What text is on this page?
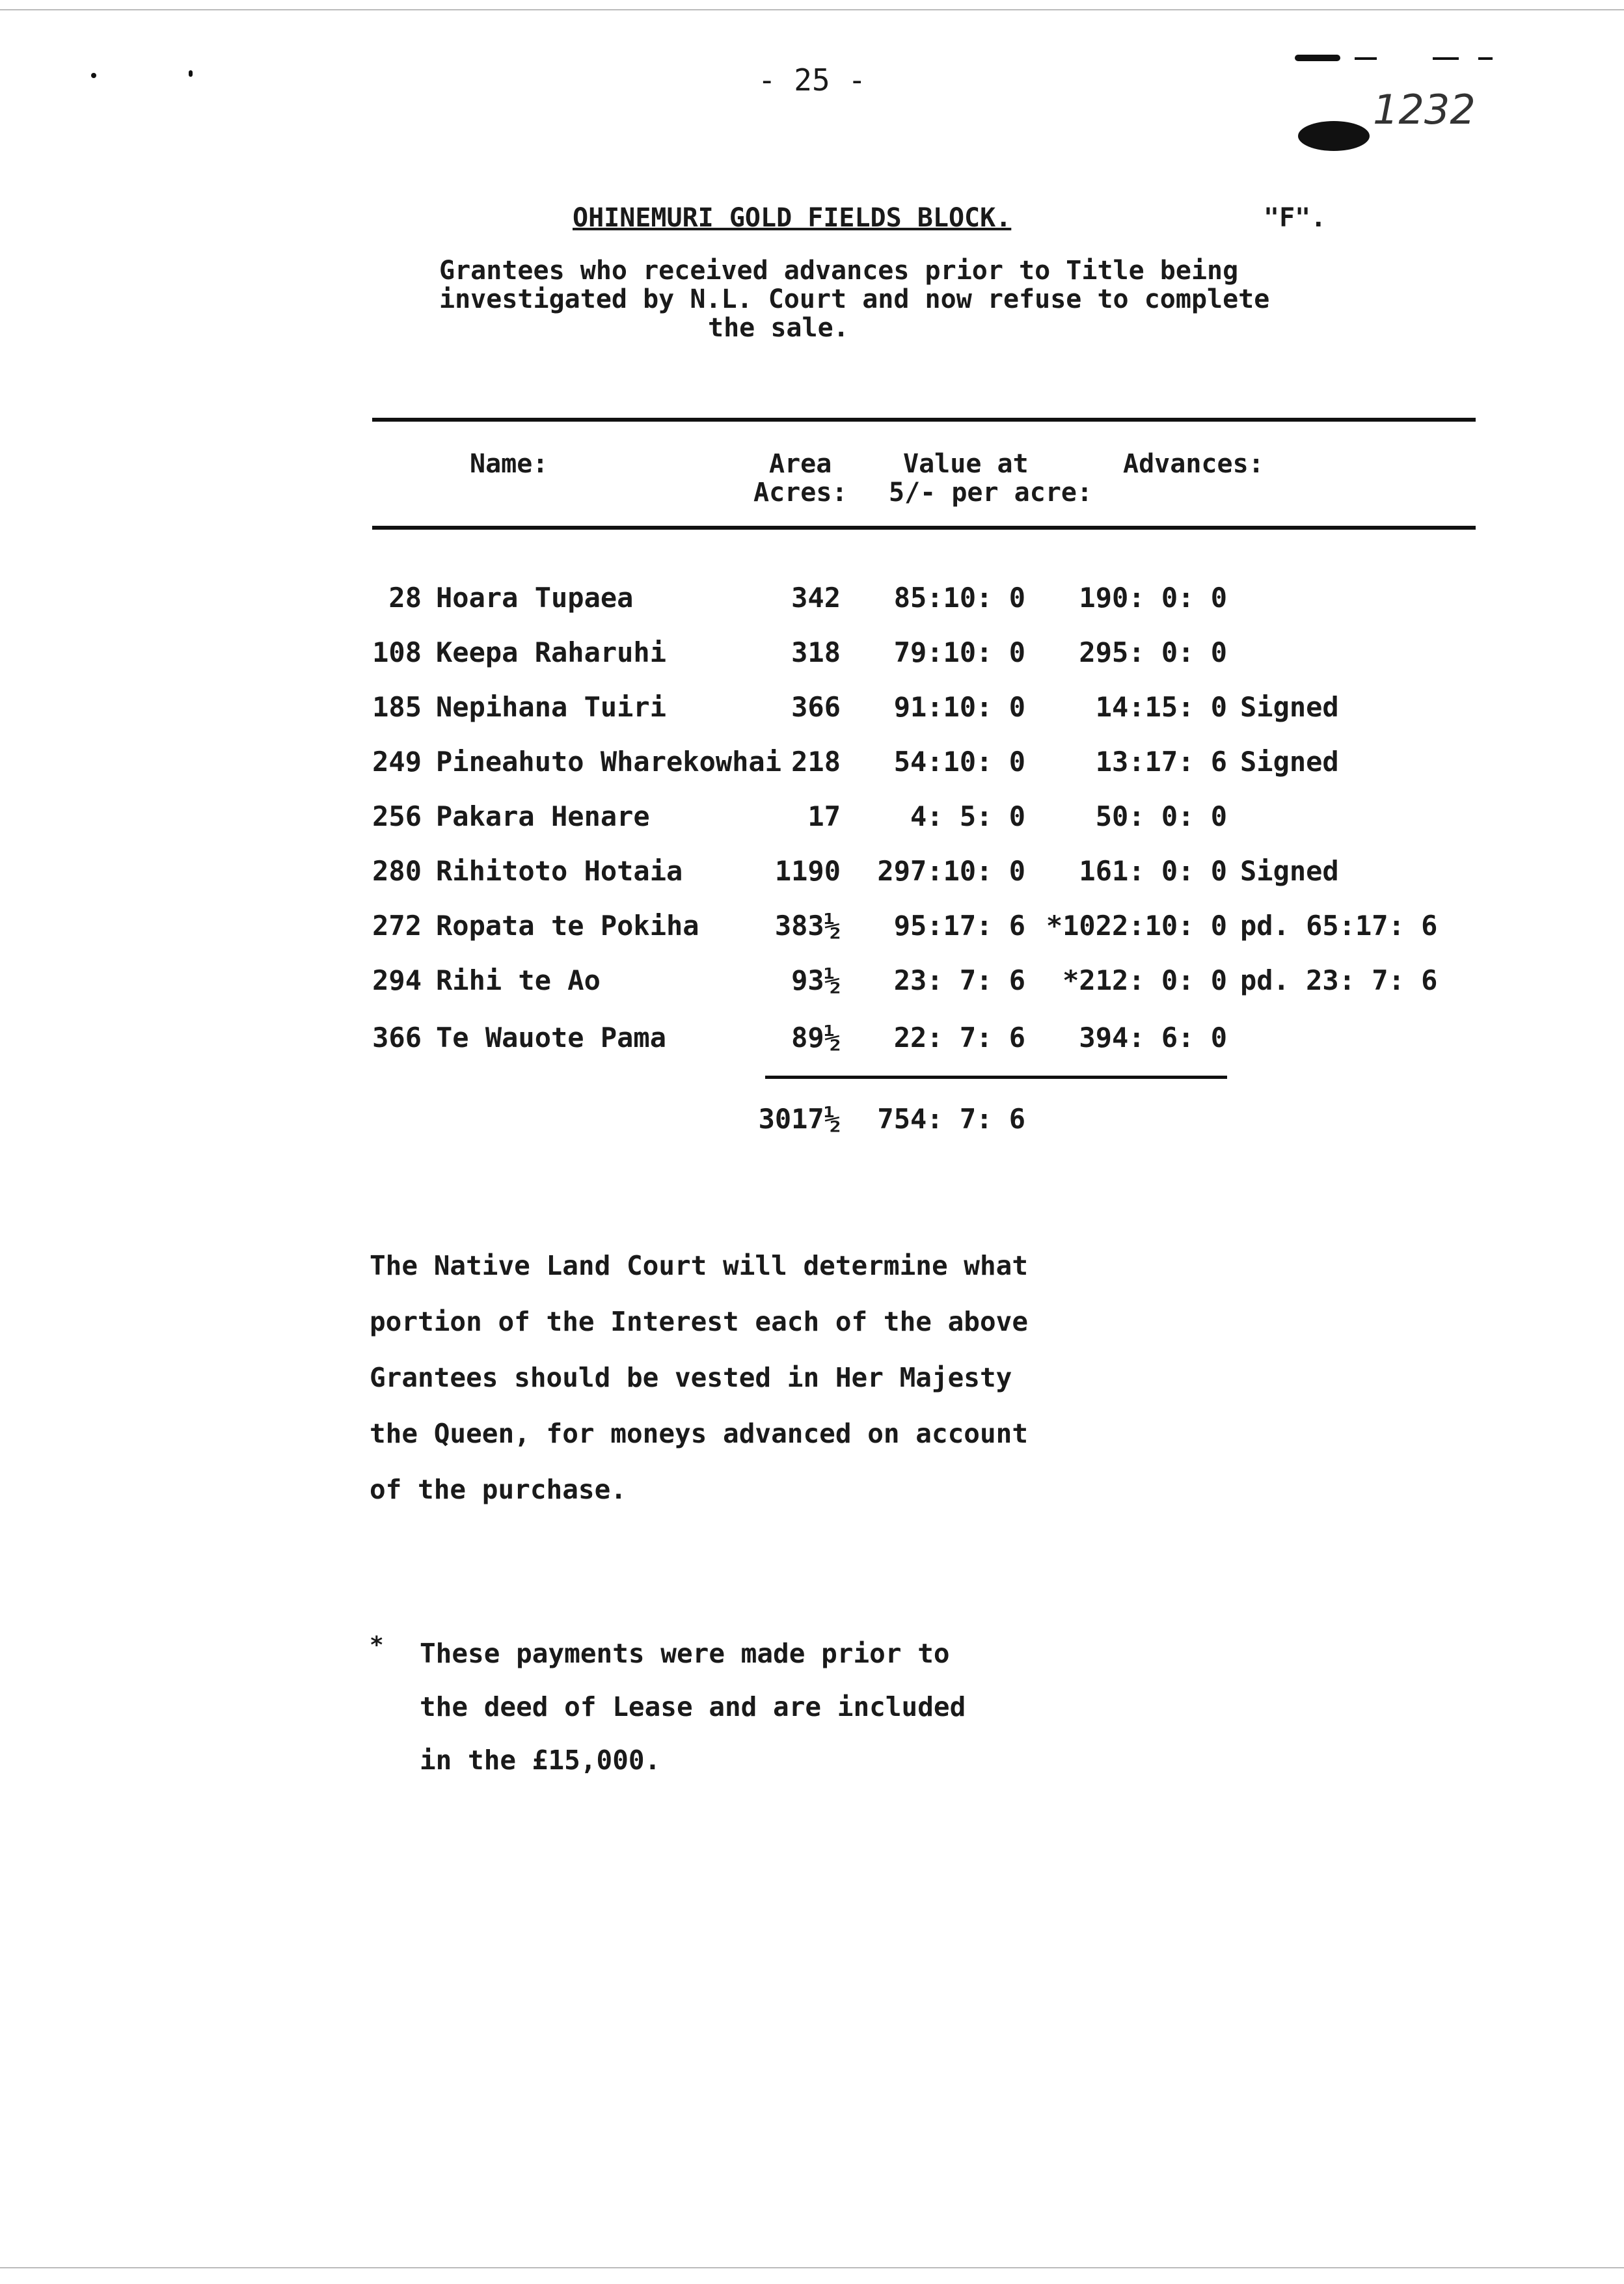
- 25 -
1232
OHINEMURI GOLD FIELDS BLOCK.	"F".
Grantees who received advances prior to Title being
investigated by N.L. Court and now refuse to complete
the sale.
Name:	Area
Acres:
Value at
5/- per acre:
Advances:
28 Hoara Tupaea	342 85:10: 0 190: 0: 0
108 Keepa Raharuhi	318 79:10: 0 295: 0: 0
185 Nepihana Tuiri	366 91:10: 0	14:15: 0 Signed
249 Pineahuto Wharekowhai 218 54:10: 0	13:17: 6 Signed
256 Pakara Henare	17	4: 5: 0	50: 0: 0
280 Rihitoto Hotaia	1190 297:10: 0 161: 0: 0 Signed
272 Ropata te Pokiha	383½ 95:17: 6 *1022:10: 0 pd. 65:17: 6
294 Rihi te Ao	93½ 23: 7: 6 *212: 0: 0 pd. 23: 7: 6
366 Te Wauote Pama	89½ 22: 7: 6 394: 6: 0
3017½ 754: 7: 6
The Native Land Court will determine what
portion of the Interest each of the above
Grantees should be vested in Her Majesty
the Queen, for moneys advanced on account
of the purchase.
* These payments were made prior to
the deed of Lease and are included
in the £15,000.
